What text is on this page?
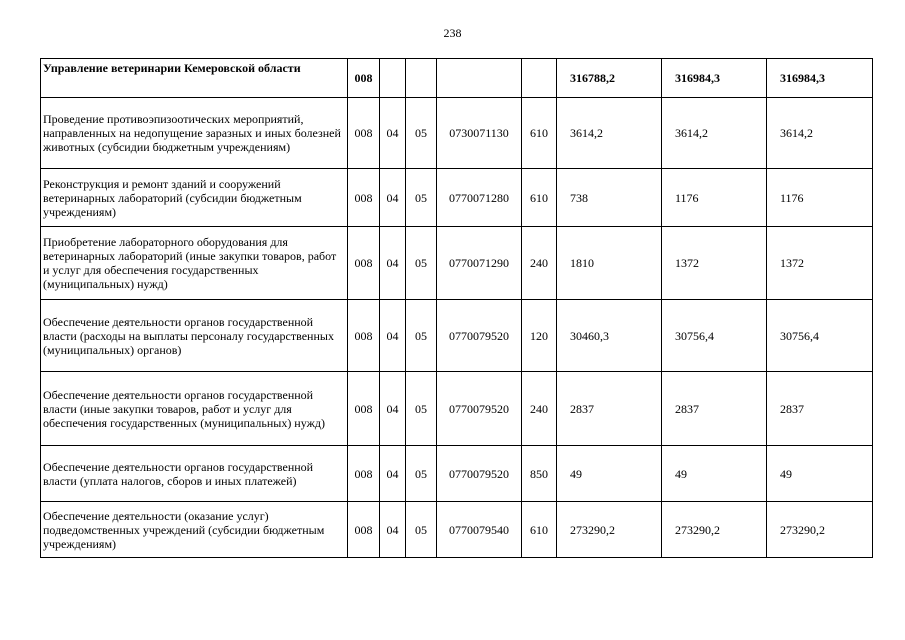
238
Управление ветеринарии Кемеровской области	008					316788,2	316984,3	316984,3
Проведение противоэпизоотических мероприятий, направленных на недопущение заразных и иных болезней животных (субсидии бюджетным учреждениям)	008	04	05	0730071130	610	3614,2	3614,2	3614,2
Реконструкция и ремонт зданий и сооружений ветеринарных лабораторий (субсидии бюджетным учреждениям)	008	04	05	0770071280	610	738	1176	1176
Приобретение лабораторного оборудования для ветеринарных лабораторий (иные закупки товаров, работ и услуг для обеспечения государственных (муниципальных) нужд)	008	04	05	0770071290	240	1810	1372	1372
Обеспечение деятельности органов государственной власти (расходы на выплаты персоналу государственных (муниципальных) органов)	008	04	05	0770079520	120	30460,3	30756,4	30756,4
Обеспечение деятельности органов государственной власти (иные закупки товаров, работ и услуг для обеспечения государственных (муниципальных) нужд)	008	04	05	0770079520	240	2837	2837	2837
Обеспечение деятельности органов государственной власти (уплата налогов, сборов и иных платежей)	008	04	05	0770079520	850	49	49	49
Обеспечение деятельности (оказание услуг) подведомственных учреждений (субсидии бюджетным учреждениям)	008	04	05	0770079540	610	273290,2	273290,2	273290,2
